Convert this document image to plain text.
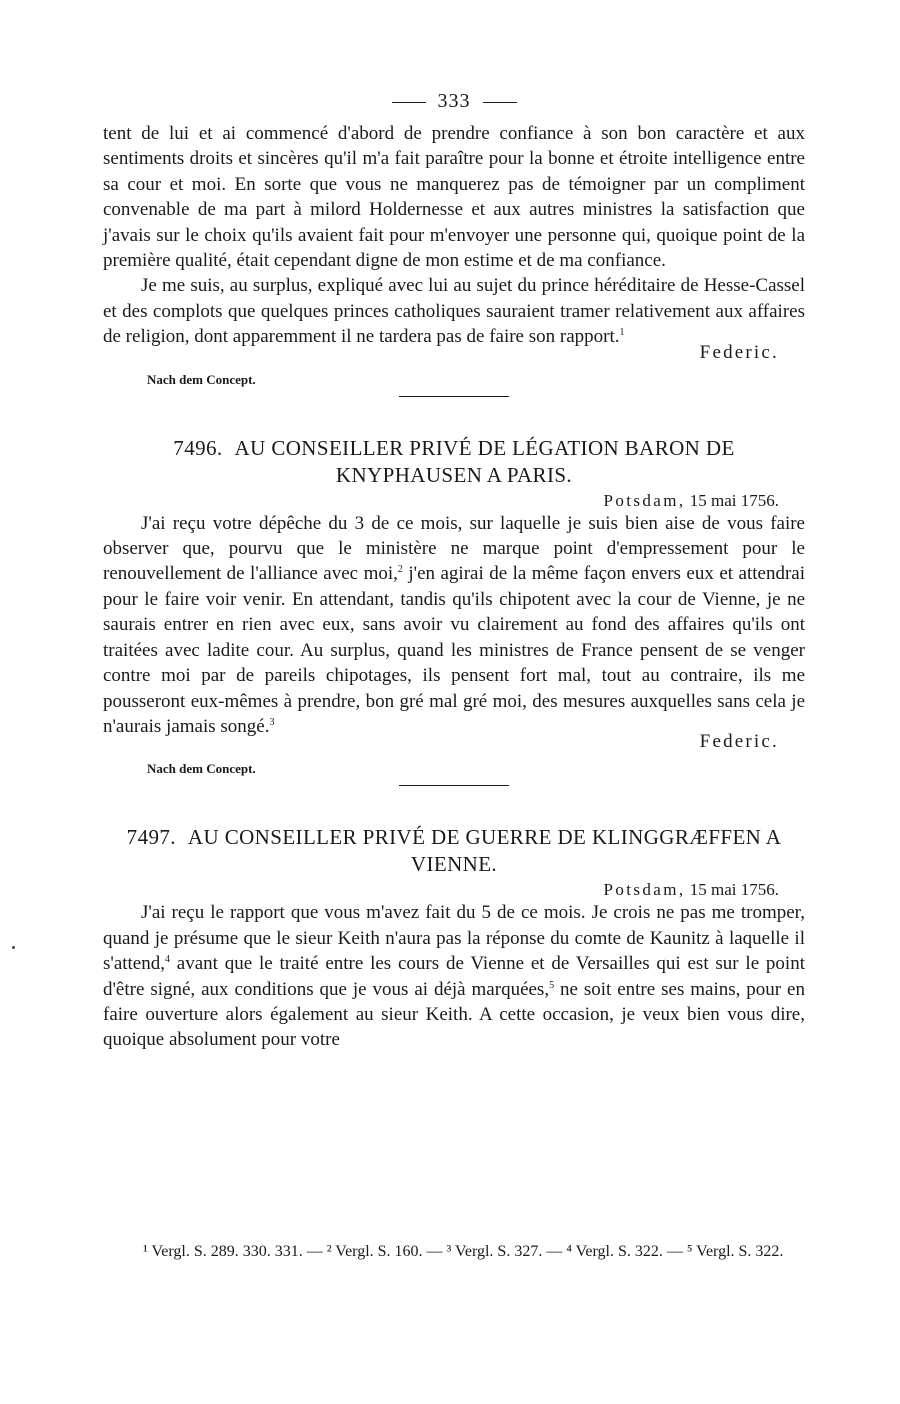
333

tent de lui et ai commencé d'abord de prendre confiance à son bon caractère et aux sentiments droits et sincères qu'il m'a fait paraître pour la bonne et étroite intelligence entre sa cour et moi. En sorte que vous ne manquerez pas de témoigner par un compliment convenable de ma part à milord Holdernesse et aux autres ministres la satisfaction que j'avais sur le choix qu'ils avaient fait pour m'envoyer une personne qui, quoique point de la première qualité, était cependant digne de mon estime et de ma confiance.

Je me suis, au surplus, expliqué avec lui au sujet du prince héréditaire de Hesse-Cassel et des complots que quelques princes catholiques sauraient tramer relativement aux affaires de religion, dont apparemment il ne tardera pas de faire son rapport.$^1$

Federic.
Nach dem Concept.
7496. AU CONSEILLER PRIVÉ DE LÉGATION BARON DE KNYPHAUSEN A PARIS.
Potsdam, 15 mai 1756.

J'ai reçu votre dépêche du 3 de ce mois, sur laquelle je suis bien aise de vous faire observer que, pourvu que le ministère ne marque point d'empressement pour le renouvellement de l'alliance avec moi,$^2$ j'en agirai de la même façon envers eux et attendrai pour le faire voir venir. En attendant, tandis qu'ils chipotent avec la cour de Vienne, je ne saurais entrer en rien avec eux, sans avoir vu clairement au fond des affaires qu'ils ont traitées avec ladite cour. Au surplus, quand les ministres de France pensent de se venger contre moi par de pareils chipotages, ils pensent fort mal, tout au contraire, ils me pousseront eux-mêmes à prendre, bon gré mal gré moi, des mesures auxquelles sans cela je n'aurais jamais songé.$^3$

Federic.
Nach dem Concept.
7497. AU CONSEILLER PRIVÉ DE GUERRE DE KLINGGRÆFFEN A VIENNE.
Potsdam, 15 mai 1756.

J'ai reçu le rapport que vous m'avez fait du 5 de ce mois. Je crois ne pas me tromper, quand je présume que le sieur Keith n'aura pas la réponse du comte de Kaunitz à laquelle il s'attend,$^4$ avant que le traité entre les cours de Vienne et de Versailles qui est sur le point d'être signé, aux conditions que je vous ai déjà marquées,$^5$ ne soit entre ses mains, pour en faire ouverture alors également au sieur Keith. A cette occasion, je veux bien vous dire, quoique absolument pour votre

¹ Vergl. S. 289. 330. 331. — ² Vergl. S. 160. — ³ Vergl. S. 327. — ⁴ Vergl. S. 322. — ⁵ Vergl. S. 322.
